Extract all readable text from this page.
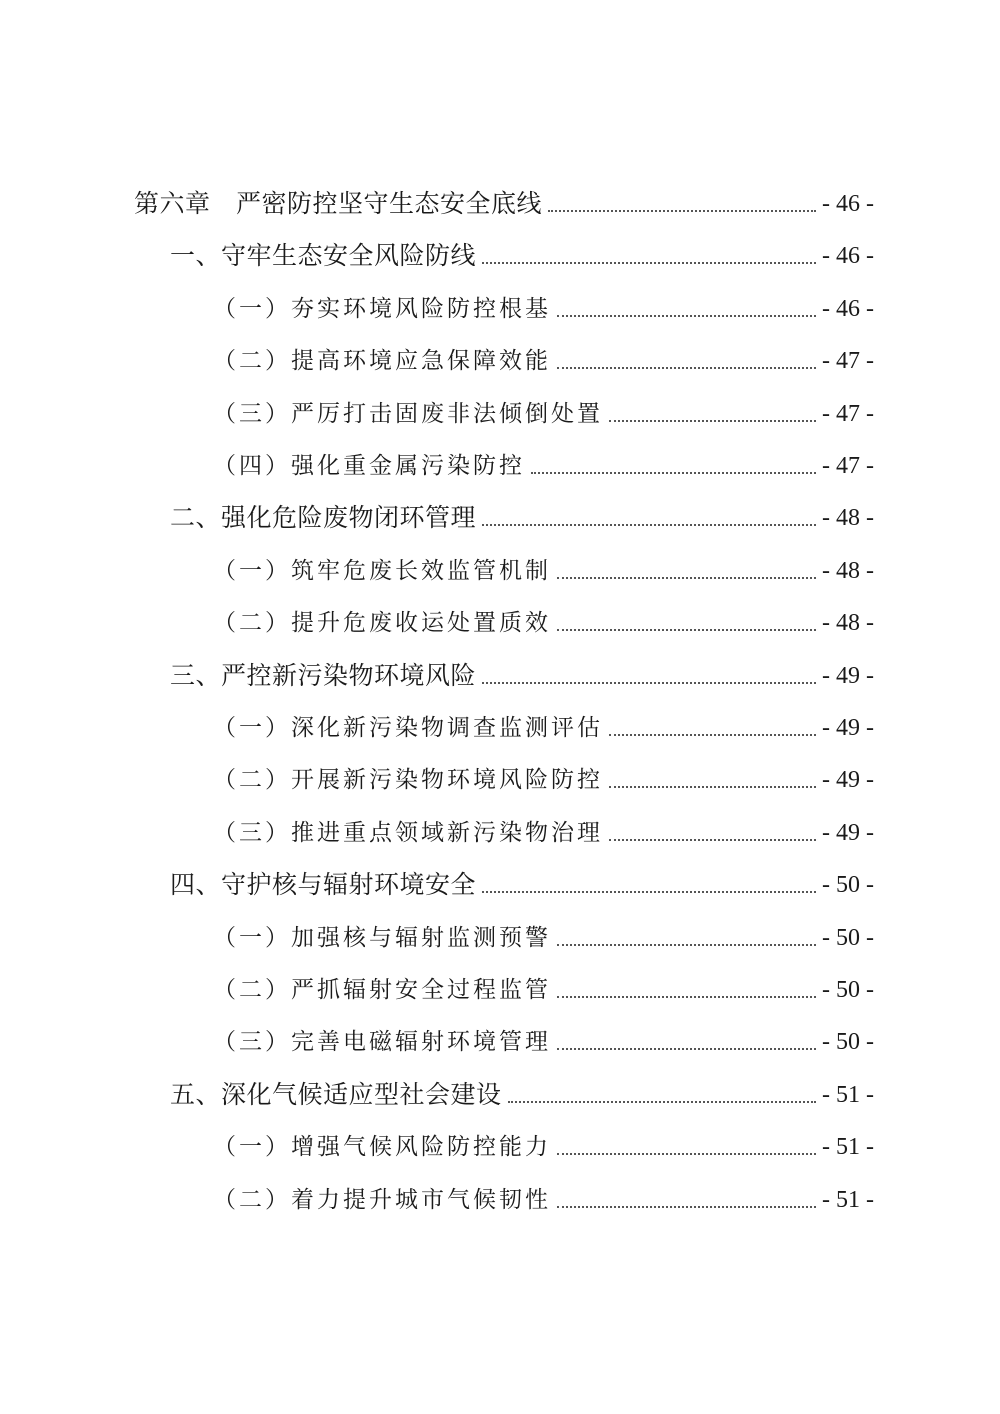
第六章　严密防控坚守生态安全底线	- 46 -
一、守牢生态安全风险防线	- 46 -
（一）夯实环境风险防控根基	- 46 -
（二）提高环境应急保障效能	- 47 -
（三）严厉打击固废非法倾倒处置	- 47 -
（四）强化重金属污染防控	- 47 -
二、强化危险废物闭环管理	- 48 -
（一）筑牢危废长效监管机制	- 48 -
（二）提升危废收运处置质效	- 48 -
三、严控新污染物环境风险	- 49 -
（一）深化新污染物调查监测评估	- 49 -
（二）开展新污染物环境风险防控	- 49 -
（三）推进重点领域新污染物治理	- 49 -
四、守护核与辐射环境安全	- 50 -
（一）加强核与辐射监测预警	- 50 -
（二）严抓辐射安全过程监管	- 50 -
（三）完善电磁辐射环境管理	- 50 -
五、深化气候适应型社会建设	- 51 -
（一）增强气候风险防控能力	- 51 -
（二）着力提升城市气候韧性	- 51 -
